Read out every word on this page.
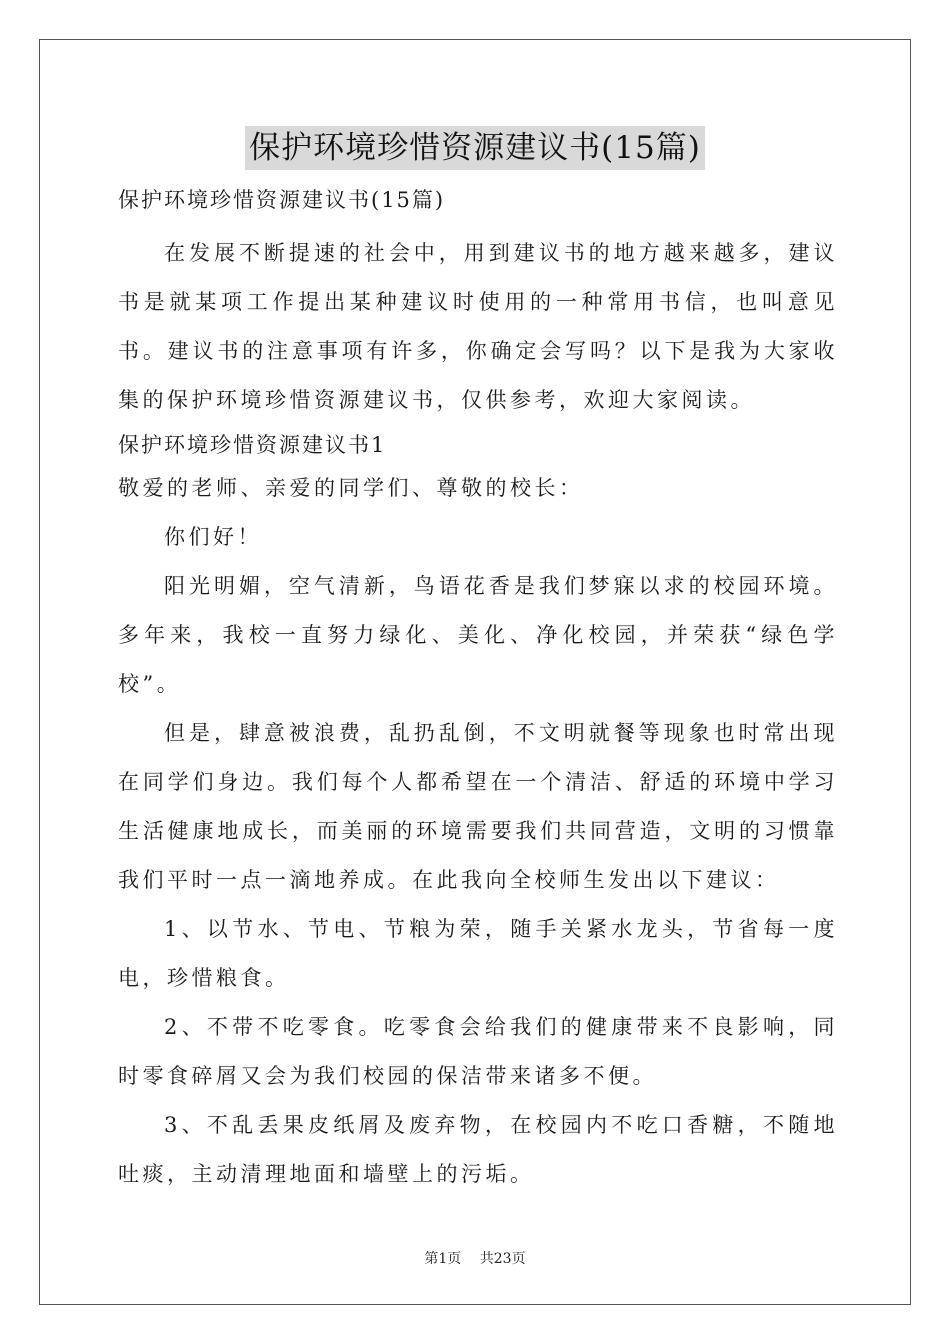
保护环境珍惜资源建议书(15篇)
保护环境珍惜资源建议书(15篇)
在发展不断提速的社会中，用到建议书的地方越来越多，建议书是就某项工作提出某种建议时使用的一种常用书信，也叫意见书。建议书的注意事项有许多，你确定会写吗？以下是我为大家收集的保护环境珍惜资源建议书，仅供参考，欢迎大家阅读。
保护环境珍惜资源建议书1
敬爱的老师、亲爱的同学们、尊敬的校长：
你们好！
阳光明媚，空气清新，鸟语花香是我们梦寐以求的校园环境。多年来，我校一直努力绿化、美化、净化校园，并荣获“绿色学校”。
但是，肆意被浪费，乱扔乱倒，不文明就餐等现象也时常出现在同学们身边。我们每个人都希望在一个清洁、舒适的环境中学习生活健康地成长，而美丽的环境需要我们共同营造，文明的习惯靠我们平时一点一滴地养成。在此我向全校师生发出以下建议：
1、以节水、节电、节粮为荣，随手关紧水龙头，节省每一度电，珍惜粮食。
2、不带不吃零食。吃零食会给我们的健康带来不良影响，同时零食碎屑又会为我们校园的保洁带来诸多不便。
3、不乱丢果皮纸屑及废弃物，在校园内不吃口香糖，不随地吐痰，主动清理地面和墙壁上的污垢。
第1页 共23页
